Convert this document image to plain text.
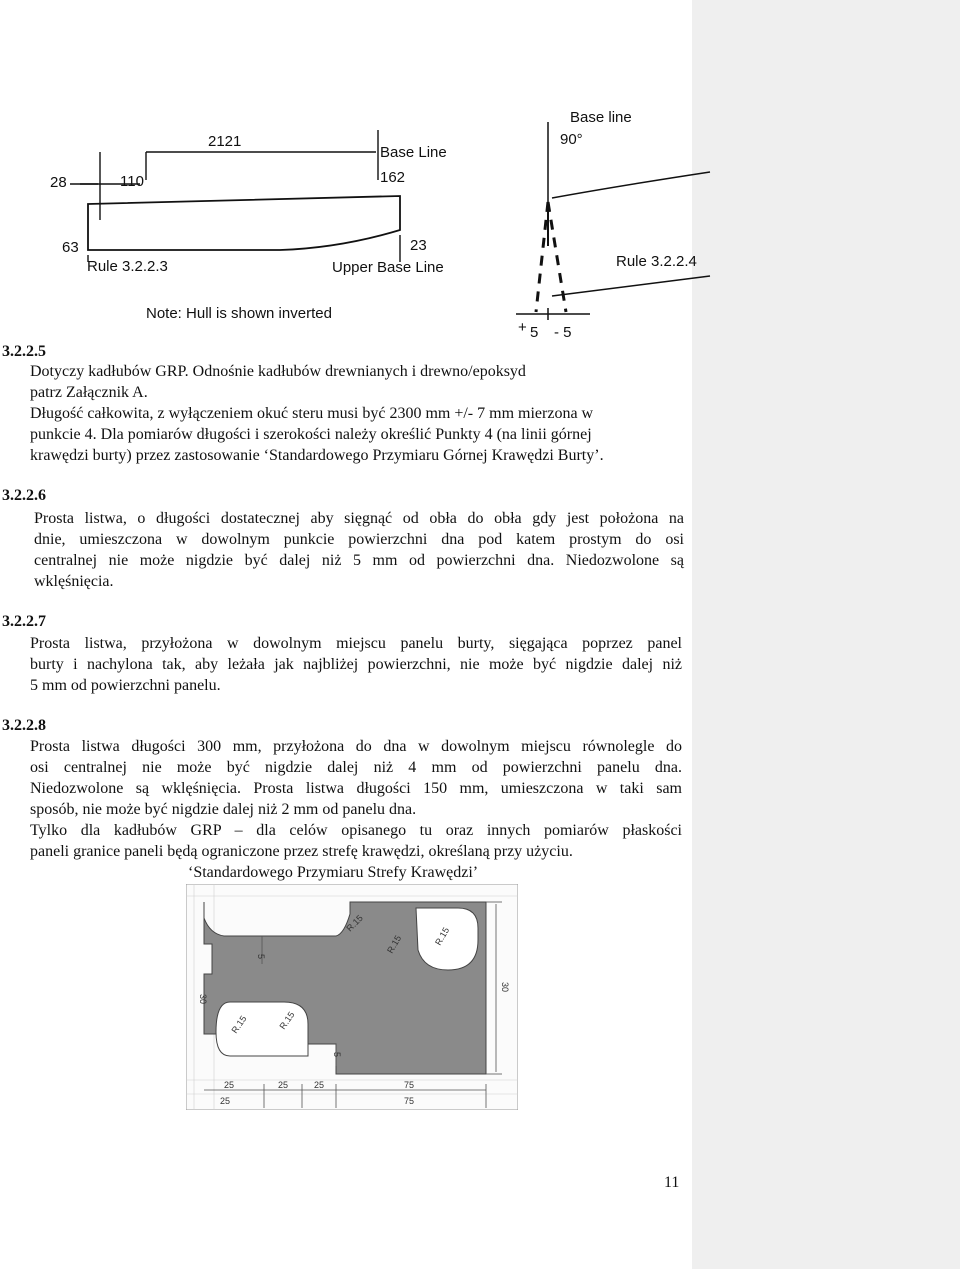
2121
Base Line
28	110	162
63	23
Rule 3.2.2.3	Upper Base Line
Note: Hull is shown inverted
Base line
90°
Rule 3.2.2.4
+ 5 - 5
3.2.2.5
Dotyczy kadłubów GRP. Odnośnie kadłubów drewnianych i drewno/epoksyd
patrz Załącznik A.
Długość całkowita, z wyłączeniem okuć steru musi być 2300 mm +/- 7 mm mierzona w
punkcie 4. Dla pomiarów długości i szerokości należy określić Punkty 4 (na linii górnej
krawędzi burty) przez zastosowanie ‘Standardowego Przymiaru Górnej Krawędzi Burty’.
3.2.2.6
Prosta listwa, o długości dostatecznej aby sięgnąć od obła do obła gdy jest położona na
dnie, umieszczona w dowolnym punkcie powierzchni dna pod katem prostym do osi
centralnej nie może nigdzie być dalej niż 5 mm od powierzchni dna. Niedozwolone są
wklęśnięcia.
3.2.2.7
Prosta listwa, przyłożona w dowolnym miejscu panelu burty, sięgająca poprzez panel
burty i nachylona tak, aby leżała jak najbliżej powierzchni, nie może być nigdzie dalej niż
5 mm od powierzchni panelu.
3.2.2.8
Prosta listwa długości 300 mm, przyłożona do dna w dowolnym miejscu równolegle do
osi centralnej nie może być nigdzie dalej niż 4 mm od powierzchni panelu dna.
Niedozwolone są wklęśnięcia. Prosta listwa długości 150 mm, umieszczona w taki sam
sposób, nie może być nigdzie dalej niż 2 mm od panelu dna.
Tylko dla kadłubów GRP – dla celów opisanego tu oraz innych pomiarów płaskości
paneli granice paneli będą ograniczone przez strefę krawędzi, określaną przy użyciu.
‘Standardowego Przymiaru Strefy Krawędzi’
R.15
R.15	R.15
R.15	R.15
25	25	25
25
75
75
30
30
5
5
11
